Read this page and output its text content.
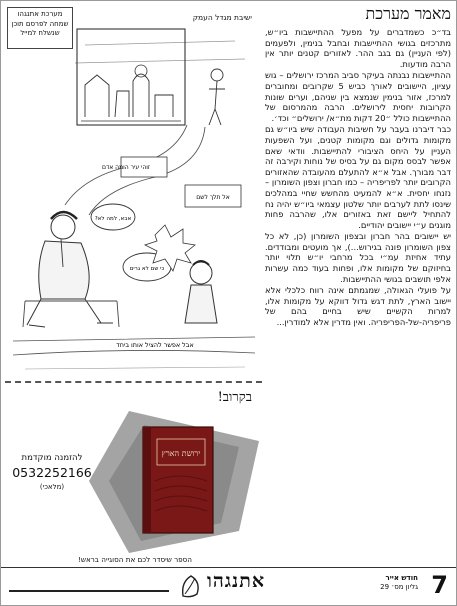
מאמר מערכת

בד״כ כשמדברים על מפעל ההתיישבות ביו״ש, מתרכזים בגושי ההתיישבות ובחבל בנימין, ולפעמים (לפי העניין) גם בגב ההר. לאזורים קטנים יותר אין הרבה מודעות.

ההתיישבות נבנתה בעיקר סביב המרכז ירושלים – גוש עציון, היישובים לאורך כביש 5 שקרובים ומחוברים למרכז, אזור בנימין שנמצא בין שניהם, וערים שונות הקרובות יחסית לירושלים. הרבה מהמרסום של ההתיישבות כולל ״20 דקות מת״א/ ירושלים״ וכד׳.

כבר דיברנו בעבר על חשיבות העבודה שיש ביו״ש גם מקומות גדולים וגם מקומות קטנים, ועל השפעות העניין על היחס הציבורי להתיישבות. וודאי שאם אפשר לבסס מקום גם על בסיס של נוחות וקירבה זה דבר מבורך. אבל א״א להתעלם מהעובדה שהאזורים הקרובים יותר לפריפריה – כמו חברון וצפון השומרון – נזנחו יחסית. א״א להמעיט מהחשש שחיי במהלכים שינסו לתת לערבים יותר שלטון עצמאי ביו״ש יהיה נח להתחיל ליישם זאת באזורים אלו, שהרבה פחות מוגנים ע״י יישובים יהודיים.

יש יישובים בהר חברון ובצפון השומרון (כן, לא כל צפון השומרון פונה בגירוש...), אך מועטים ומבודדים. עתיד אחיזת עמ״י בכל מרחבי יו״ש תלוי יותר בחיזוקם של מקומות אלו, ופחות בעוד כמה עשרות אלפי תושבים בגושי ההתיישבות.

על פועלי הגאולה, שמגמתם אינה רווח כלכלי אלא יישוב הארץ, לתת דגש גדול דווקא על מקומות אלו, למרות הקשיים שיש בחיים בהם של פריפריה-של-הפריפריה. ואין מדרין אלא למודרין...

זוהי עיר הומה אדם
אל תלך לשם
אבא, למה לא?
כי שם לא גרים
אבל אפשר להציל אותו ביחד
ישיבת מגדל העמק
מערכת אתנגהו
שמחה לפרסם תוכן
שנשלח למייל
בקרוב!
ירושת הארץ
להזמנה מוקדמת
0532252166
(מלאכי)
הספר שיסדר לכם את הסוגייה בראש!
אתנגהו	חודש אייר
גליון מס׳ 29 7
